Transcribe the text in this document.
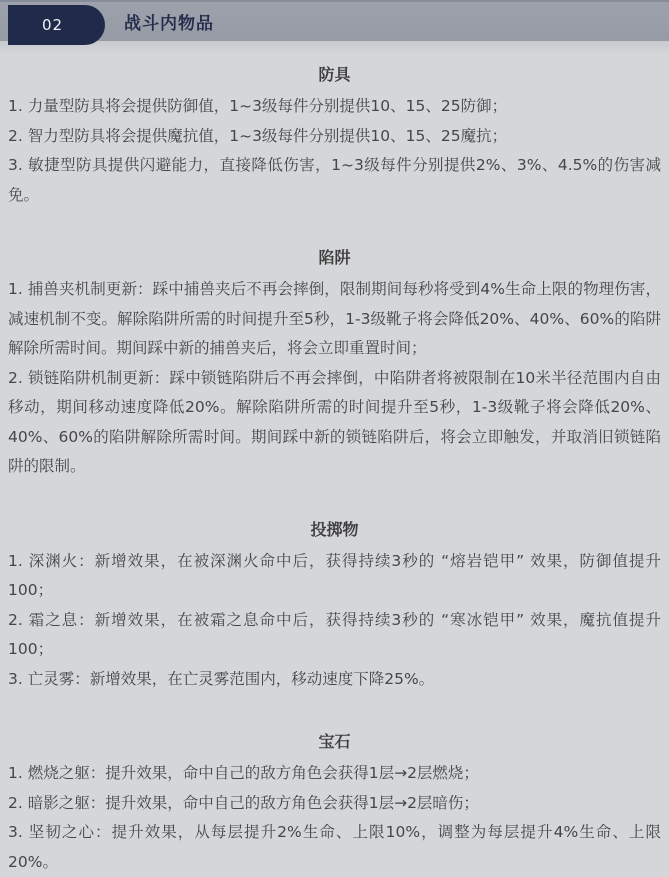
02	战斗内物品
防具

1. 力量型防具将会提供防御值，1~3级每件分别提供10、15、25防御；

2. 智力型防具将会提供魔抗值，1~3级每件分别提供10、15、25魔抗；

3. 敏捷型防具提供闪避能力，直接降低伤害，1~3级每件分别提供2%、3%、4.5%的伤害减免。

陷阱

1. 捕兽夹机制更新：踩中捕兽夹后不再会摔倒，限制期间每秒将受到4%生命上限的物理伤害，减速机制不变。解除陷阱所需的时间提升至5秒，1-3级靴子将会降低20%、40%、60%的陷阱解除所需时间。期间踩中新的捕兽夹后，将会立即重置时间；

2. 锁链陷阱机制更新：踩中锁链陷阱后不再会摔倒，中陷阱者将被限制在10米半径范围内自由移动，期间移动速度降低20%。解除陷阱所需的时间提升至5秒，1-3级靴子将会降低20%、40%、60%的陷阱解除所需时间。期间踩中新的锁链陷阱后，将会立即触发，并取消旧锁链陷阱的限制。

投掷物

1. 深渊火：新增效果，在被深渊火命中后，获得持续3秒的 “熔岩铠甲” 效果，防御值提升100；

2. 霜之息：新增效果，在被霜之息命中后，获得持续3秒的 “寒冰铠甲” 效果，魔抗值提升100；

3. 亡灵雾：新增效果，在亡灵雾范围内，移动速度下降25%。

宝石

1. 燃烧之躯：提升效果，命中自己的敌方角色会获得1层→2层燃烧；

2. 暗影之躯：提升效果，命中自己的敌方角色会获得1层→2层暗伤；

3. 坚韧之心：提升效果，从每层提升2%生命、上限10%，调整为每层提升4%生命、上限20%。
